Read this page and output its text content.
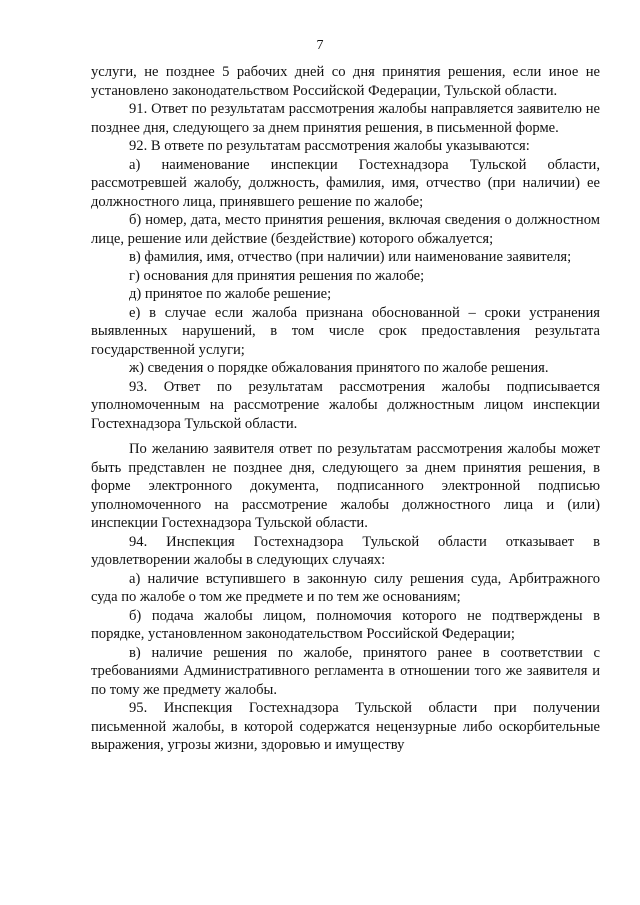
7

услуги, не позднее 5 рабочих дней со дня принятия решения, если иное не установлено законодательством Российской Федерации, Тульской области.

91. Ответ по результатам рассмотрения жалобы направляется заявителю не позднее дня, следующего за днем принятия решения, в письменной форме.

92. В ответе по результатам рассмотрения жалобы указываются:

а) наименование инспекции Гостехнадзора Тульской области, рассмотревшей жалобу, должность, фамилия, имя, отчество (при наличии) ее должностного лица, принявшего решение по жалобе;

б) номер, дата, место принятия решения, включая сведения о должностном лице, решение или действие (бездействие) которого обжалуется;

в) фамилия, имя, отчество (при наличии) или наименование заявителя;

г) основания для принятия решения по жалобе;

д) принятое по жалобе решение;

е) в случае если жалоба признана обоснованной – сроки устранения выявленных нарушений, в том числе срок предоставления результата государственной услуги;

ж) сведения о порядке обжалования принятого по жалобе решения.

93. Ответ по результатам рассмотрения жалобы подписывается уполномоченным на рассмотрение жалобы должностным лицом инспекции Гостехнадзора Тульской области.

По желанию заявителя ответ по результатам рассмотрения жалобы может быть представлен не позднее дня, следующего за днем принятия решения, в форме электронного документа, подписанного электронной подписью уполномоченного на рассмотрение жалобы должностного лица и (или) инспекции Гостехнадзора Тульской области.

94. Инспекция Гостехнадзора Тульской области отказывает в удовлетворении жалобы в следующих случаях:

а) наличие вступившего в законную силу решения суда, Арбитражного суда по жалобе о том же предмете и по тем же основаниям;

б) подача жалобы лицом, полномочия которого не подтверждены в порядке, установленном законодательством Российской Федерации;

в) наличие решения по жалобе, принятого ранее в соответствии с требованиями Административного регламента в отношении того же заявителя и по тому же предмету жалобы.

95. Инспекция Гостехнадзора Тульской области при получении письменной жалобы, в которой содержатся нецензурные либо оскорбительные выражения, угрозы жизни, здоровью и имуществу
